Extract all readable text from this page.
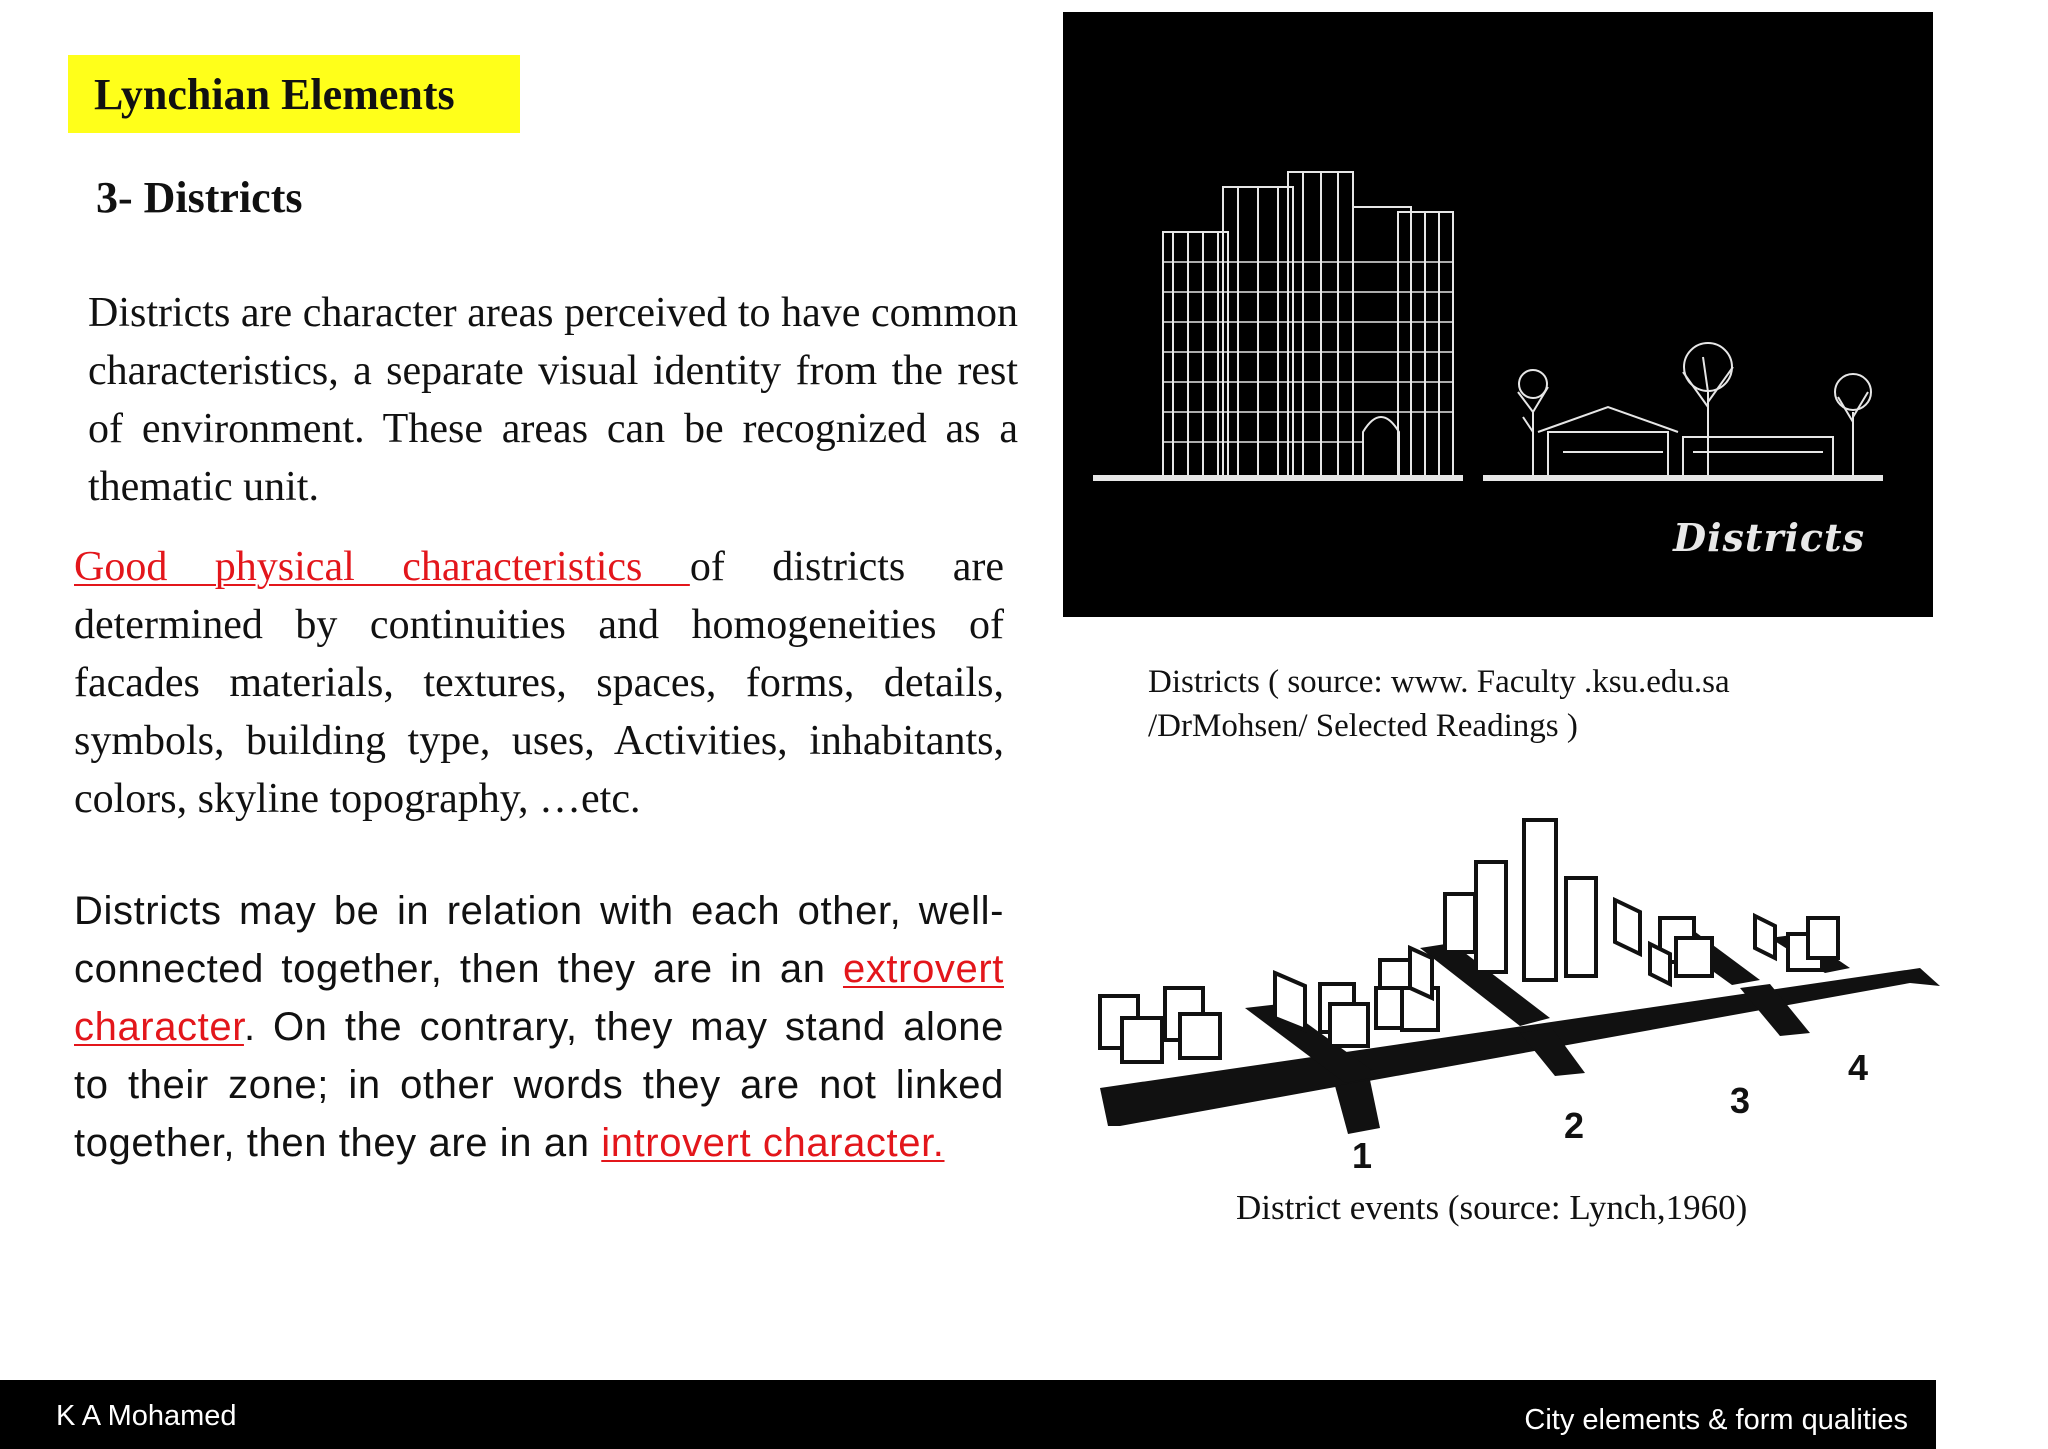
Lynchian Elements
3- Districts

Districts are character areas perceived to have common characteristics, a separate visual identity from the rest of environment. These areas can be recognized as a thematic unit.

Good physical characteristics of districts are determined by continuities and homogeneities of facades materials, textures, spaces, forms, details, symbols, building type, uses, Activities, inhabitants, colors, skyline topography, …etc.

Districts may be in relation with each other, well-connected together, then they are in an extrovert character. On the contrary, they may stand alone to their zone; in other words they are not linked together, then they are in an introvert character.

Districts
Districts ( source: www. Faculty .ksu.edu.sa
/DrMohsen/ Selected Readings )
1
2
3
4
District events (source: Lynch,1960)
K A Mohamed	City elements & form qualities
